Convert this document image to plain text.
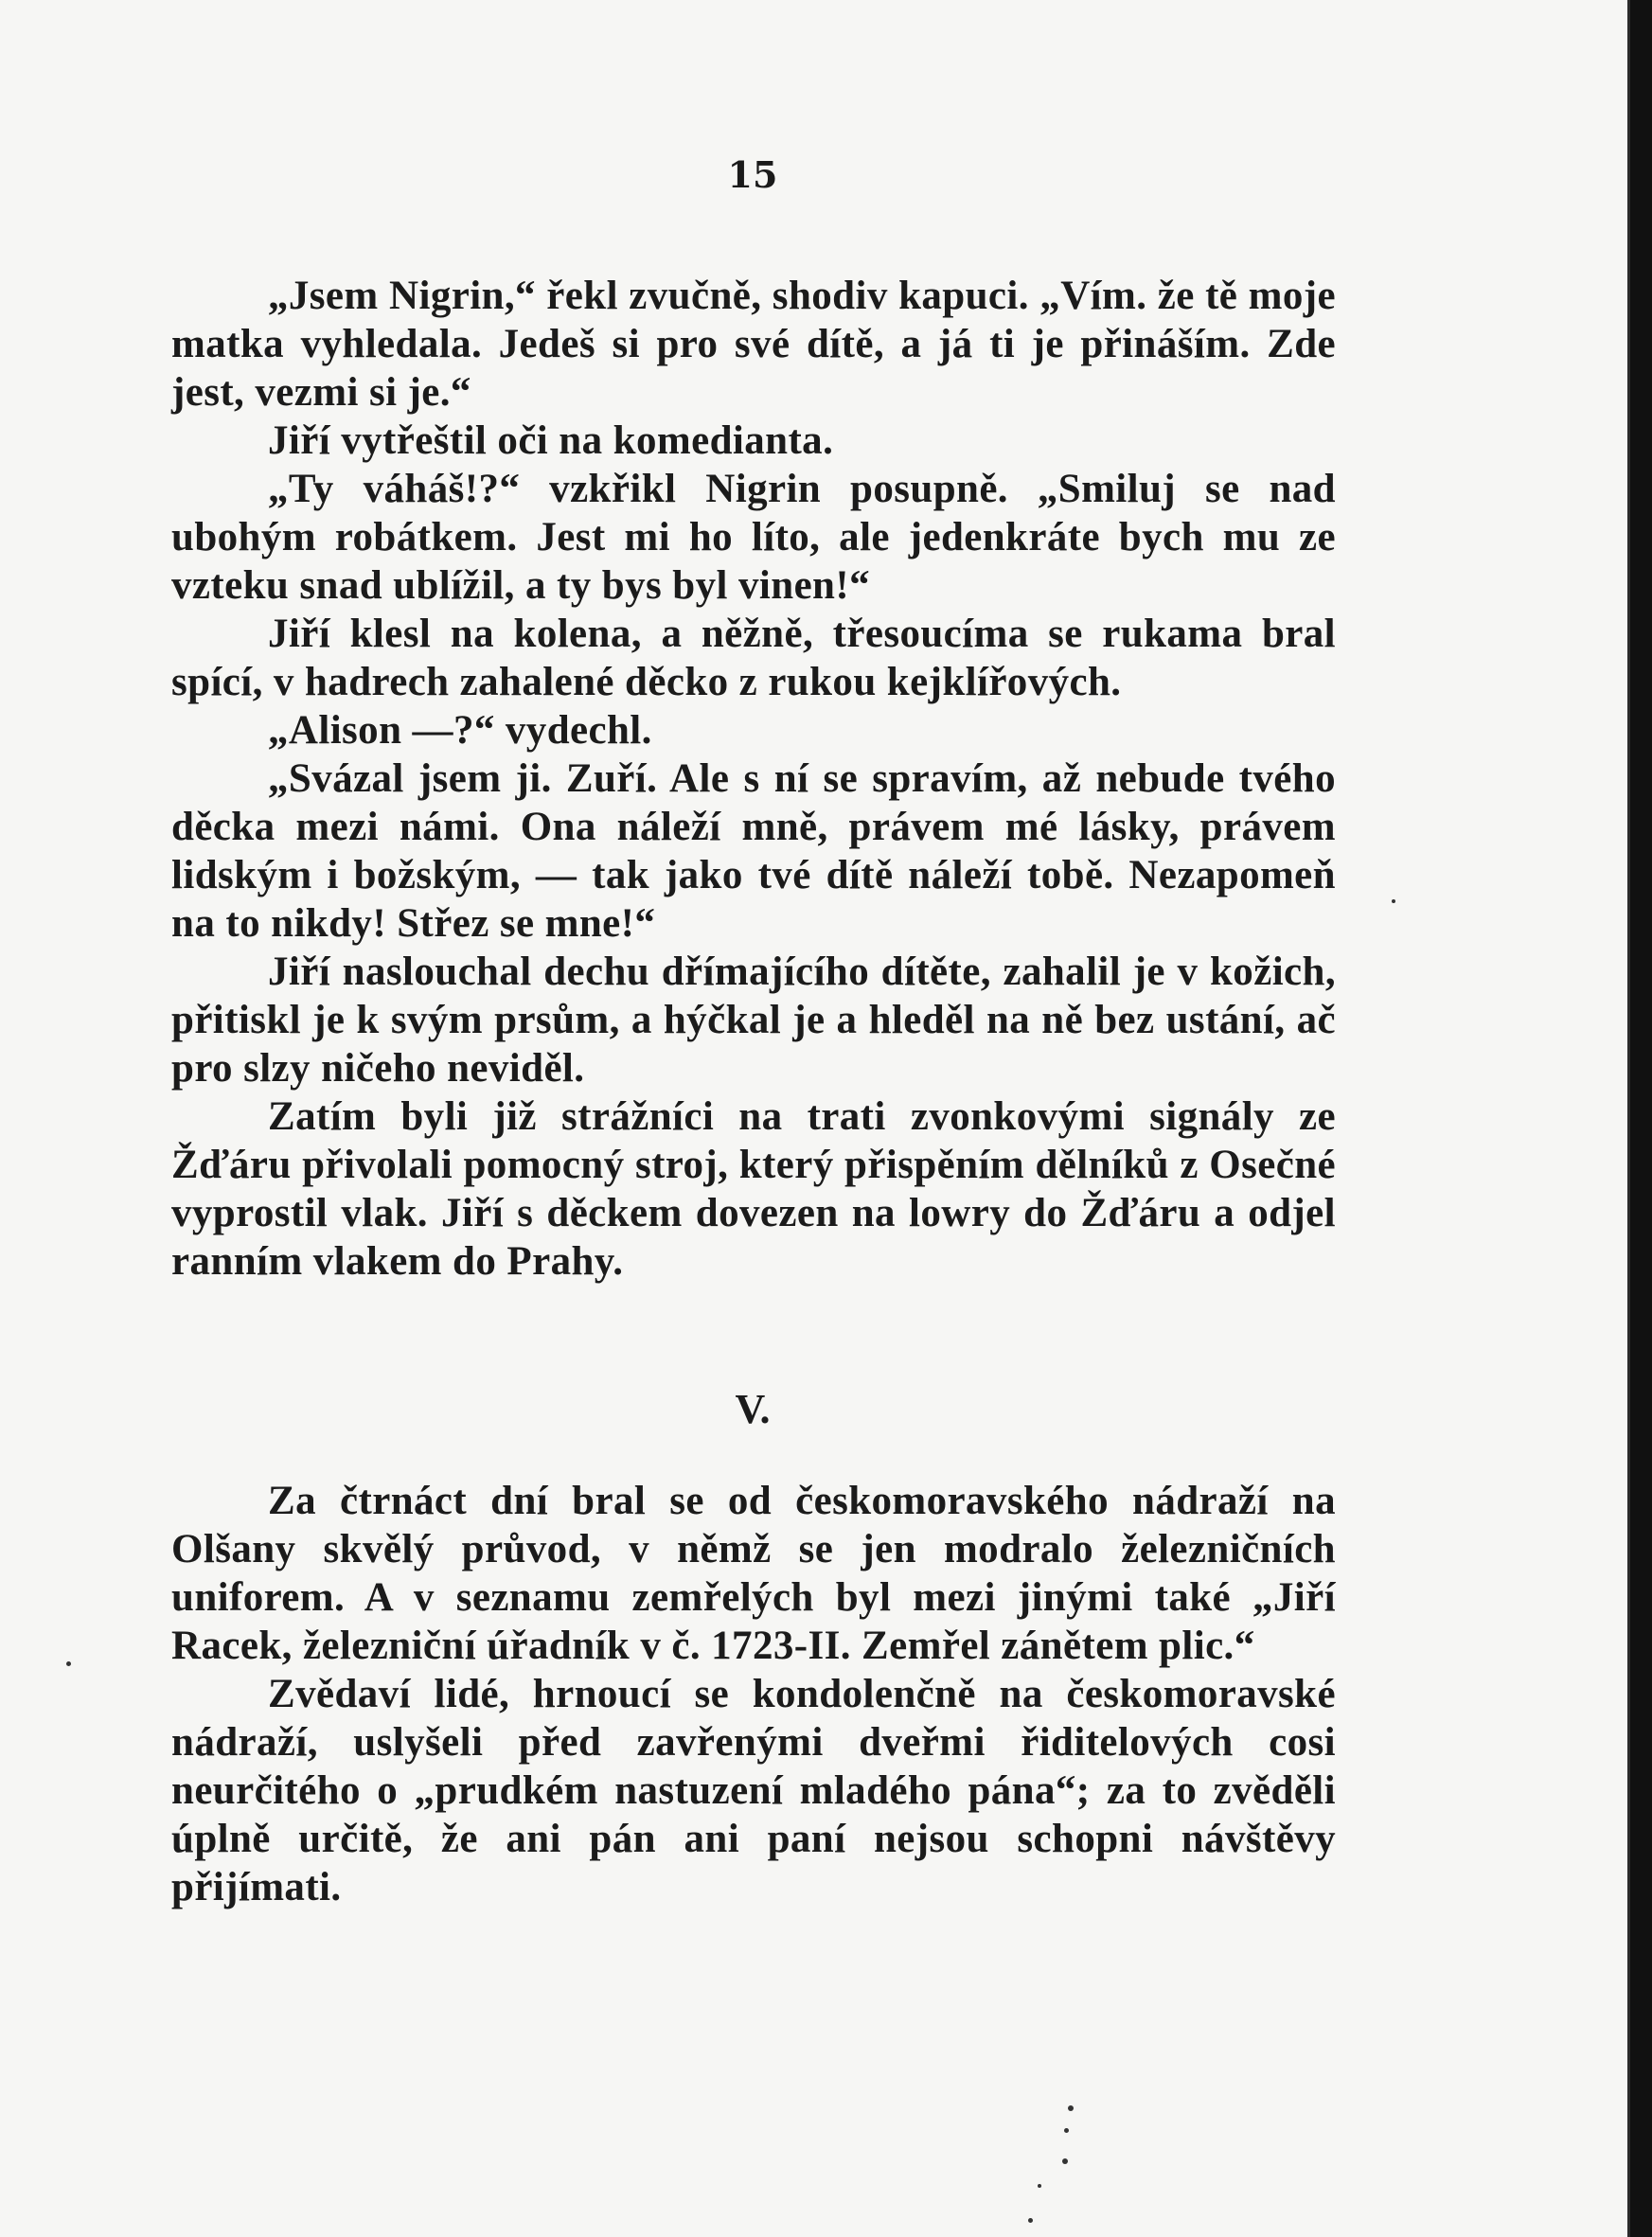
15

„Jsem Nigrin,“ řekl zvučně, shodiv kapuci. „Vím. že tě moje matka vyhledala. Jedeš si pro své dítě, a já ti je přináším. Zde jest, vezmi si je.“

Jiří vytřeštil oči na komedianta.

„Ty váháš!?“ vzkřikl Nigrin posupně. „Smiluj se nad ubohým robátkem. Jest mi ho líto, ale jedenkráte bych mu ze vzteku snad ublížil, a ty bys byl vinen!“

Jiří klesl na kolena, a něžně, třesoucíma se rukama bral spící, v hadrech zahalené děcko z rukou kejklířových.

„Alison —?“ vydechl.

„Svázal jsem ji. Zuří. Ale s ní se spravím, až nebude tvého děcka mezi námi. Ona náleží mně, právem mé lásky, právem lidským i božským, — tak jako tvé dítě náleží tobě. Nezapomeň na to nikdy! Střez se mne!“

Jiří naslouchal dechu dřímajícího dítěte, zahalil je v kožich, přitiskl je k svým prsům, a hýčkal je a hleděl na ně bez ustání, ač pro slzy ničeho neviděl.

Zatím byli již strážníci na trati zvonkovými signály ze Žďáru přivolali pomocný stroj, který přispěním dělníků z Osečné vyprostil vlak. Jiří s děckem dovezen na lowry do Žďáru a odjel ranním vlakem do Prahy.

V.

Za čtrnáct dní bral se od českomoravského nádraží na Olšany skvělý průvod, v němž se jen modralo železničních uniforem. A v seznamu zemřelých byl mezi jinými také „Jiří Racek, železniční úřadník v č. 1723-II. Zemřel zánětem plic.“

Zvědaví lidé, hrnoucí se kondolenčně na českomoravské nádraží, uslyšeli před zavřenými dveřmi řiditelových cosi neurčitého o „prudkém nastuzení mladého pána“; za to zvěděli úplně určitě, že ani pán ani paní nejsou schopni návštěvy přijímati.
